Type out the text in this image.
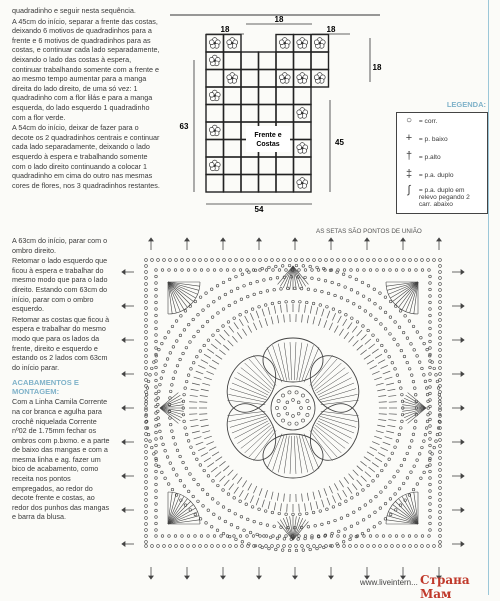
quadradinho e seguir nesta sequência.

A 45cm do início, separar a frente das costas, deixando 6 motivos de quadradinhos para a frente e 6 motivos de quadradinhos para as costas, e continuar cada lado separadamente, deixando o lado das costas à espera, continuar trabalhando somente com a frente e ao mesmo tempo aumentar para a manga direita do lado direito, de uma só vez: 1 quadradinho com a flor lilás e para a manga esquerda, do lado esquerdo 1 quadradinho com a flor verde.

A 54cm do início, deixar de fazer para o decote os 2 quadradinhos centrais e continuar cada lado separadamente, deixando o lado esquerdo à espera e trabalhando somente com o lado direito continuando a colocar 1 quadradinho em cima do outro nas mesmas cores de flores, nos 3 quadradinhos restantes.

A 63cm do início, parar com o ombro direito.

Retomar o lado esquerdo que ficou à espera e trabalhar do mesmo modo que para o lado direito. Estando com 63cm do início, parar com o ombro esquerdo.

Retomar as costas que ficou à espera e trabalhar do mesmo modo que para os lados da frente, direito e esquerdo e estando os 2 lados com 63cm do início parar.

ACABAMENTOS E MONTAGEM:

Com a Linha Camila Corrente na cor branca e agulha para crochê niquelada Corrente nº02 de 1.75mm fechar os ombros com p.bxmo. e a parte de baixo das mangas e com a mesma linha e ag. fazer um bico de acabamento, como receita nos pontos empregados, ao redor do decote frente e costas, ao redor dos punhos das mangas e barra da blusa.

18
18	18
18
63
45
54
Frente e
Costas
LEGENDA:
○ = corr.
+ = p. baixo
† = p.alto
‡ = p.a. duplo
∫ = p.a. duplo em relevo pegando 2 carr. abaixo
AS SETAS SÃO PONTOS DE UNIÃO
www.liveintern... Страна Мам
